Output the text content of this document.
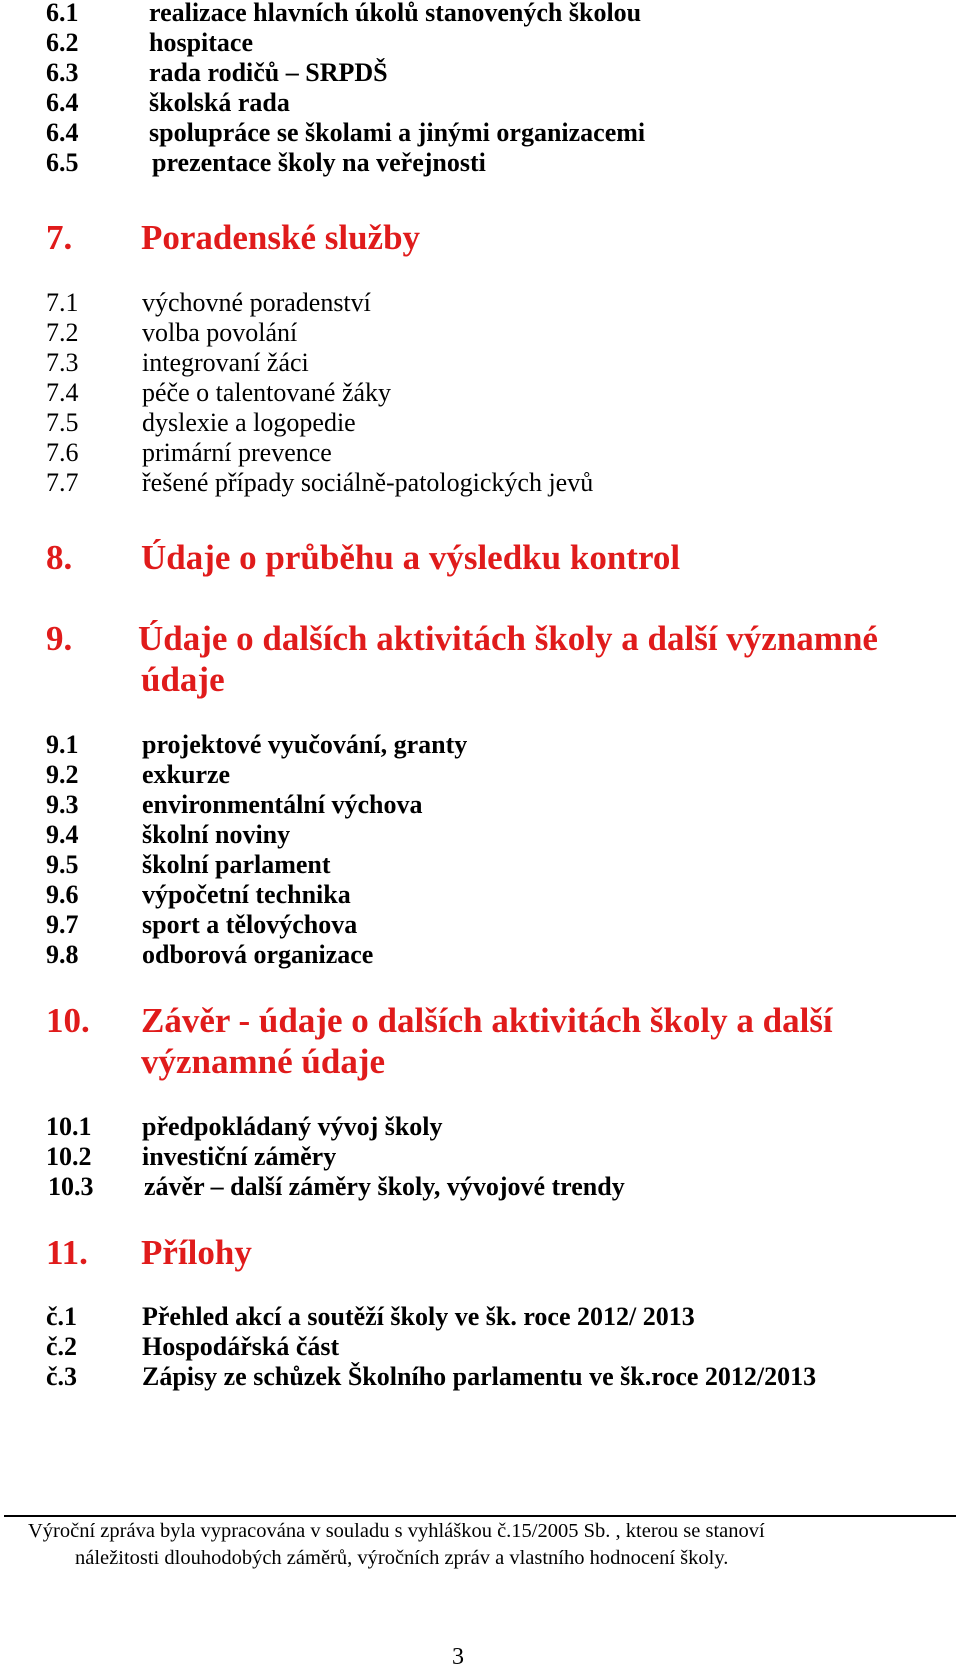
6.1	realizace hlavních úkolů stanovených školou
6.2	hospitace
6.3	rada rodičů – SRPDŠ
6.4	školská rada
6.4	spolupráce se školami a jinými organizacemi
6.5	prezentace školy na veřejnosti
7. Poradenské služby
7.1 výchovné poradenství
7.2 volba povolání
7.3 integrovaní žáci
7.4 péče o talentované žáky
7.5 dyslexie a logopedie
7.6 primární prevence
7.7 řešené případy sociálně-patologických jevů
8. Údaje o průběhu a výsledku kontrol
9. Údaje o dalších aktivitách školy a další významné
údaje
9.1 projektové vyučování, granty
9.2 exkurze
9.3 environmentální výchova
9.4 školní noviny
9.5 školní parlament
9.6 výpočetní technika
9.7 sport a tělovýchova
9.8 odborová organizace
10. Závěr - údaje o dalších aktivitách školy a další
významné údaje
10.1 předpokládaný vývoj školy
10.2 investiční záměry
10.3 závěr – další záměry školy, vývojové trendy
11. Přílohy
č.1 Přehled akcí a soutěží školy ve šk. roce 2012/ 2013
č.2 Hospodářská část
č.3 Zápisy ze schůzek Školního parlamentu ve šk.roce 2012/2013
Výroční zpráva byla vypracována v souladu s vyhláškou č.15/2005 Sb. , kterou se stanoví
náležitosti dlouhodobých záměrů, výročních zpráv a vlastního hodnocení školy.
3
